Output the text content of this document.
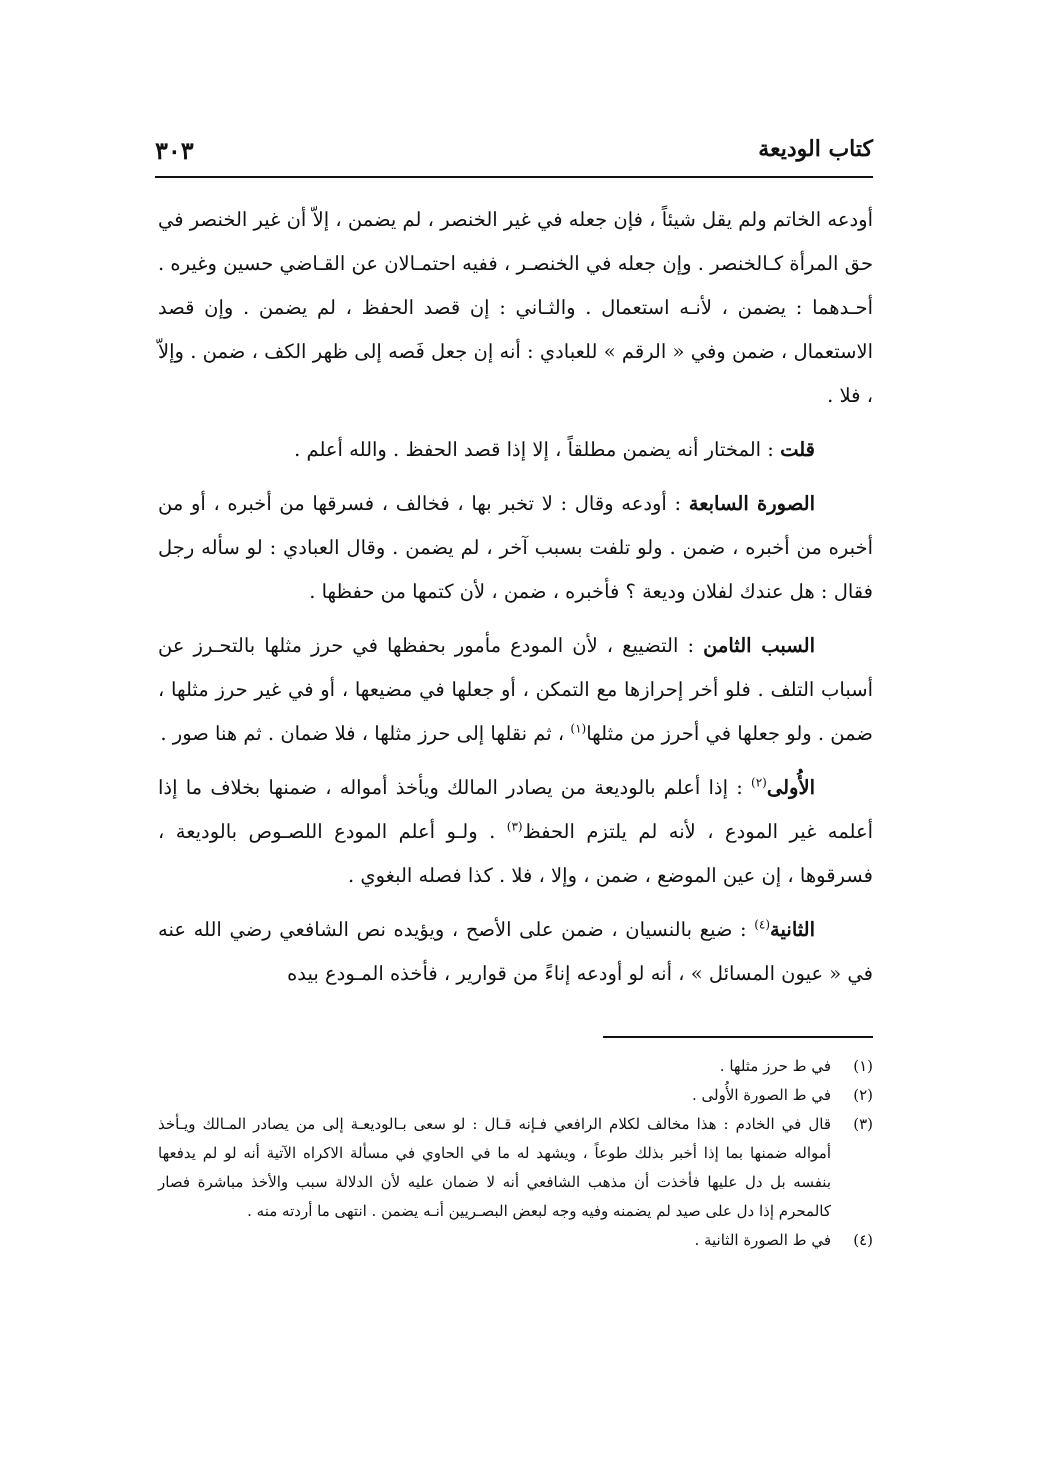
كتاب الوديعة
٣٠٣

أودعه الخاتم ولم يقل شيئاً ، فإن جعله في غير الخنصر ، لم يضمن ، إلاّ أن غير الخنصر في حق المرأة كـالخنصر . وإن جعله في الخنصـر ، ففيه احتمـالان عن القـاضي حسين وغيره . أحـدهما : يضمن ، لأنـه استعمال . والثـاني : إن قصد الحفظ ، لم يضمن . وإن قصد الاستعمال ، ضمن وفي « الرقم » للعبادي : أنه إن جعل فَصه إلى ظهر الكف ، ضمن . وإلاّ ، فلا .

قلت : المختار أنه يضمن مطلقاً ، إلا إذا قصد الحفظ . والله أعلم .

الصورة السابعة : أودعه وقال : لا تخبر بها ، فخالف ، فسرقها من أخبره ، أو من أخبره من أخبره ، ضمن . ولو تلفت بسبب آخر ، لم يضمن . وقال العبادي : لو سأله رجل فقال : هل عندك لفلان وديعة ؟ فأخبره ، ضمن ، لأن كتمها من حفظها .

السبب الثامن : التضييع ، لأن المودع مأمور بحفظها في حرز مثلها بالتحـرز عن أسباب التلف . فلو أخر إحرازها مع التمكن ، أو جعلها في مضيعها ، أو في غير حرز مثلها ، ضمن . ولو جعلها في أحرز من مثلها$^{(١)}$ ، ثم نقلها إلى حرز مثلها ، فلا ضمان . ثم هنا صور .

الأُولى$^{(٢)}$ : إذا أعلم بالوديعة من يصادر المالك ويأخذ أمواله ، ضمنها بخلاف ما إذا أعلمه غير المودع ، لأنه لم يلتزم الحفظ$^{(٣)}$ . ولـو أعلم المودع اللصـوص بالوديعة ، فسرقوها ، إن عين الموضع ، ضمن ، وإلا ، فلا . كذا فصله البغوي .

الثانية$^{(٤)}$ : ضيع بالنسيان ، ضمن على الأصح ، ويؤيده نص الشافعي رضي الله عنه في « عيون المسائل » ، أنه لو أودعه إناءً من قوارير ، فأخذه المـودع بيده

(١)
في ط حرز مثلها .
(٢)
في ط الصورة الأُولى .
(٣)
قال في الخادم : هذا مخالف لكلام الرافعي فـإنه قـال : لو سعى بـالوديعـة إلى من يصادر المـالك ويـأخذ أمواله ضمنها بما إذا أخبر بذلك طوعاً ، ويشهد له ما في الحاوي في مسألة الاكراه الآتية أنه لو لم يدفعها بنفسه بل دل عليها فأخذت أن مذهب الشافعي أنه لا ضمان عليه لأن الدلالة سبب والأخذ مباشرة فصار كالمحرم إذا دل على صيد لم يضمنه وفيه وجه لبعض البصـريين أنـه يضمن . انتهى ما أردته منه .
(٤)
في ط الصورة الثانية .
